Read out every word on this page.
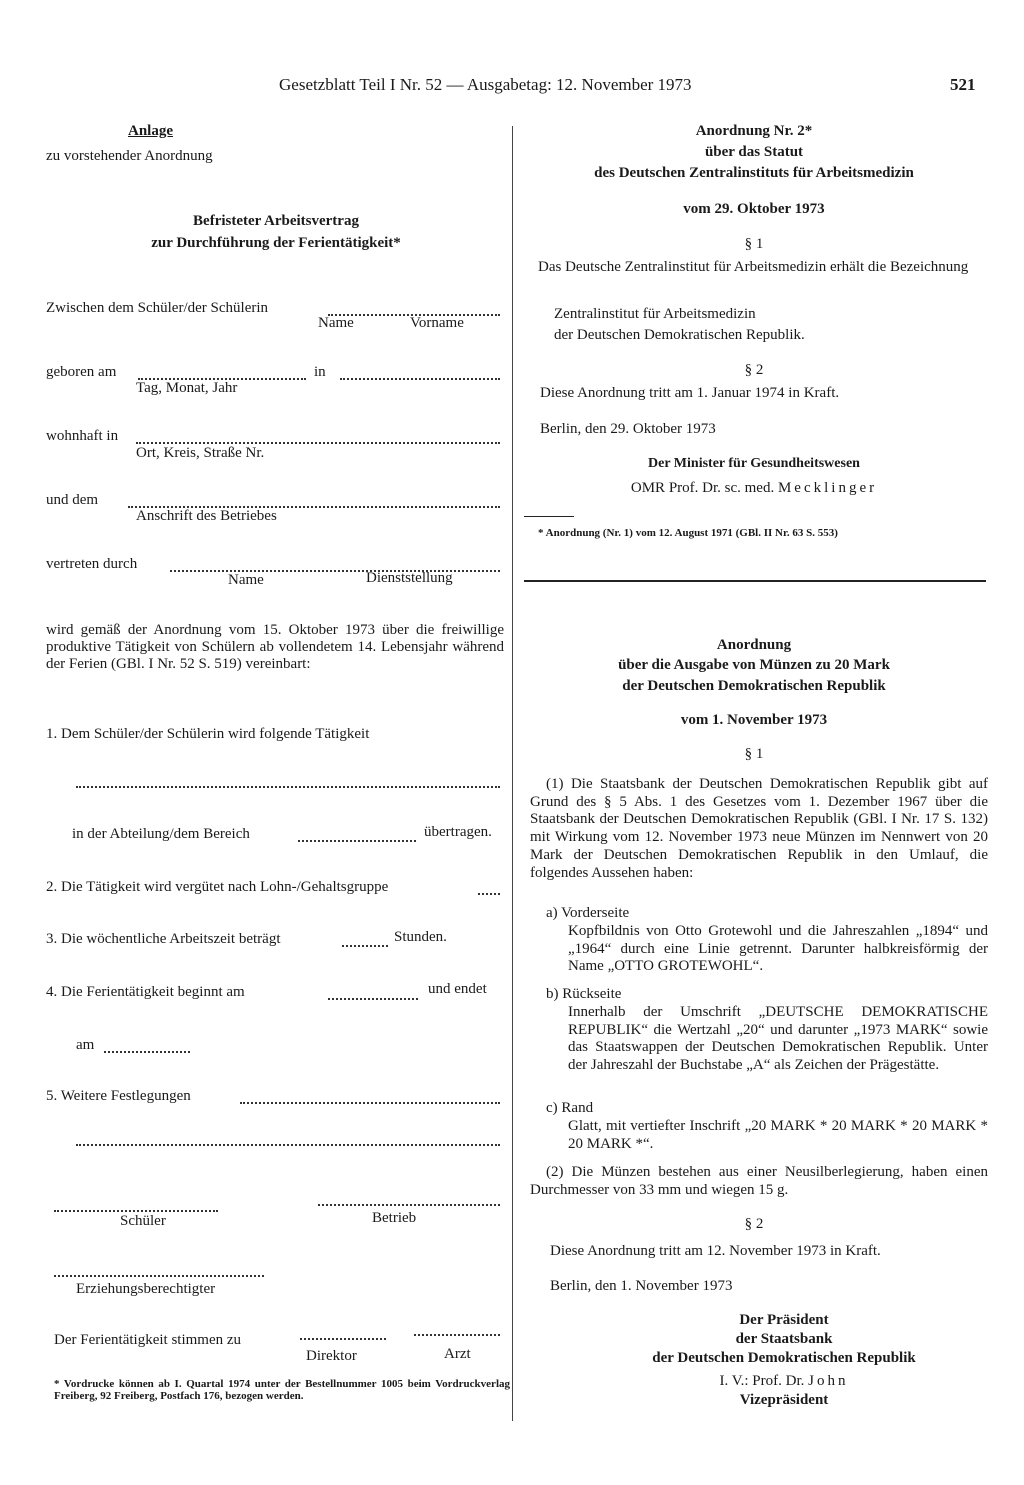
Gesetzblatt Teil I Nr. 52 — Ausgabetag: 12. November 1973	521
Anlage
zu vorstehender Anordnung
Befristeter Arbeitsvertrag
zur Durchführung der Ferientätigkeit*
Zwischen dem Schüler/der Schülerin
Name	Vorname
geboren am	in
Tag, Monat, Jahr
wohnhaft in
Ort, Kreis, Straße Nr.
und dem
Anschrift des Betriebes
vertreten durch
Name	Dienststellung
wird gemäß der Anordnung vom 15. Oktober 1973 über die freiwillige produktive Tätigkeit von Schülern ab vollendetem 14. Lebensjahr während der Ferien (GBl. I Nr. 52 S. 519) vereinbart:
1. Dem Schüler/der Schülerin wird folgende Tätigkeit
in der Abteilung/dem Bereich	übertragen.
2. Die Tätigkeit wird vergütet nach Lohn-/Gehaltsgruppe
3. Die wöchentliche Arbeitszeit beträgt	Stunden.
4. Die Ferientätigkeit beginnt am	und endet
am
5. Weitere Festlegungen
Schüler	Betrieb
Erziehungsberechtigter
Der Ferientätigkeit stimmen zu
Direktor	Arzt
* Vordrucke können ab I. Quartal 1974 unter der Bestellnummer 1005 beim Vordruckverlag Freiberg, 92 Freiberg, Postfach 176, bezogen werden.
Anordnung Nr. 2*
über das Statut
des Deutschen Zentralinstituts für Arbeitsmedizin
vom 29. Oktober 1973
§ 1
Das Deutsche Zentralinstitut für Arbeitsmedizin erhält die Bezeichnung
Zentralinstitut für Arbeitsmedizin
der Deutschen Demokratischen Republik.
§ 2
Diese Anordnung tritt am 1. Januar 1974 in Kraft.
Berlin, den 29. Oktober 1973
Der Minister für Gesundheitswesen
OMR Prof. Dr. sc. med. Mecklinger
* Anordnung (Nr. 1) vom 12. August 1971 (GBl. II Nr. 63 S. 553)
Anordnung
über die Ausgabe von Münzen zu 20 Mark
der Deutschen Demokratischen Republik
vom 1. November 1973
§ 1
(1) Die Staatsbank der Deutschen Demokratischen Republik gibt auf Grund des § 5 Abs. 1 des Gesetzes vom 1. Dezember 1967 über die Staatsbank der Deutschen Demokratischen Republik (GBl. I Nr. 17 S. 132) mit Wirkung vom 12. November 1973 neue Münzen im Nennwert von 20 Mark der Deutschen Demokratischen Republik in den Umlauf, die folgendes Aussehen haben:
a) Vorderseite
Kopfbildnis von Otto Grotewohl und die Jahreszahlen „1894“ und „1964“ durch eine Linie getrennt. Darunter halbkreisförmig der Name „OTTO GROTEWOHL“.
b) Rückseite
Innerhalb der Umschrift „DEUTSCHE DEMOKRATISCHE REPUBLIK“ die Wertzahl „20“ und darunter „1973 MARK“ sowie das Staatswappen der Deutschen Demokratischen Republik. Unter der Jahreszahl der Buchstabe „A“ als Zeichen der Prägestätte.
c) Rand
Glatt, mit vertiefter Inschrift „20 MARK * 20 MARK * 20 MARK * 20 MARK *“.
(2) Die Münzen bestehen aus einer Neusilberlegierung, haben einen Durchmesser von 33 mm und wiegen 15 g.
§ 2
Diese Anordnung tritt am 12. November 1973 in Kraft.
Berlin, den 1. November 1973
Der Präsident
der Staatsbank
der Deutschen Demokratischen Republik
I. V.: Prof. Dr. John
Vizepräsident
